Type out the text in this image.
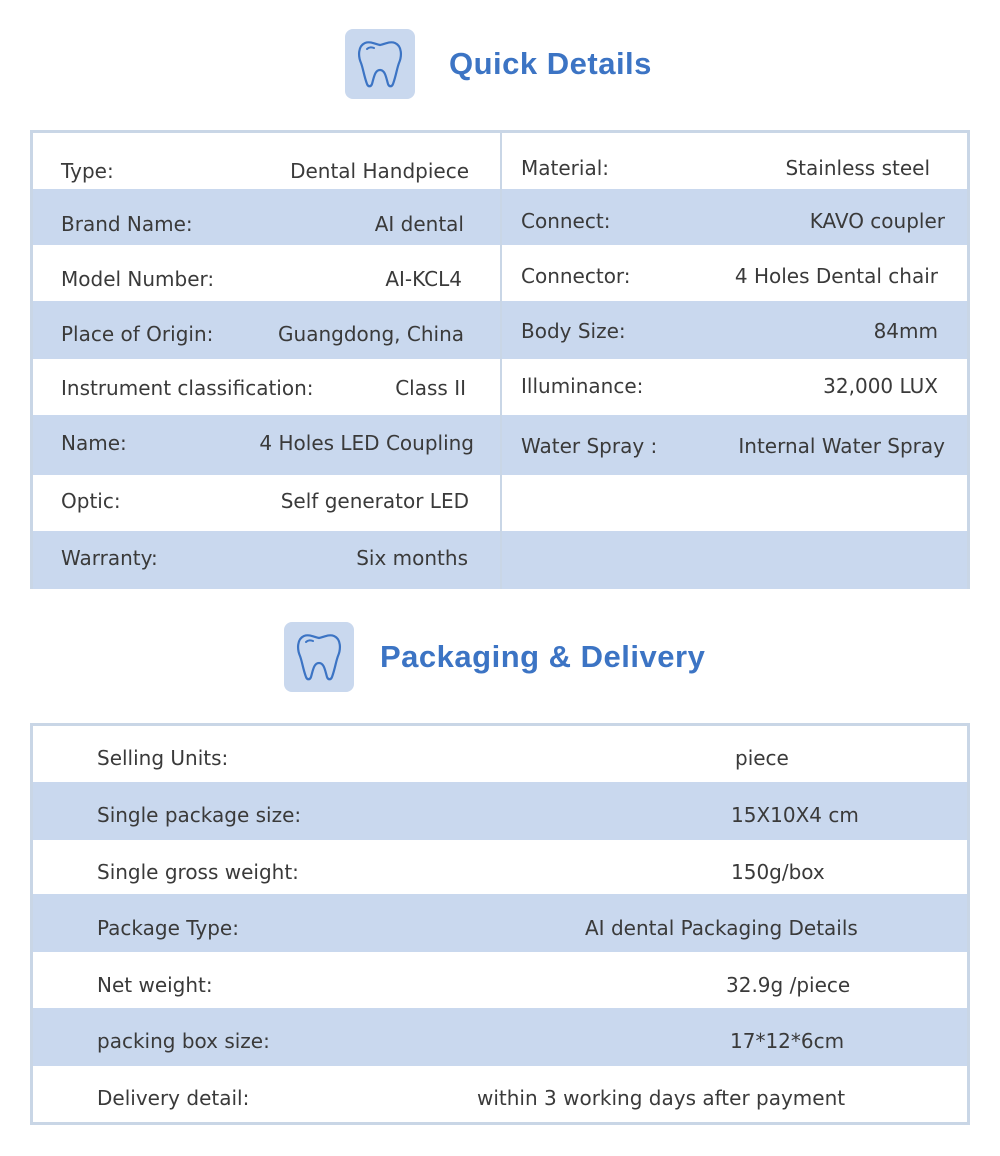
Quick Details
Type:	Dental Handpiece
Brand Name:	AI dental
Model Number:	AI-KCL4
Place of Origin:	Guangdong, China
Instrument classification:	Class II
Name:	4 Holes LED Coupling
Optic:	Self generator LED
Warranty:	Six months
Material:	Stainless steel
Connect:	KAVO coupler
Connector:	4 Holes Dental chair
Body Size:	84mm
Illuminance:	32,000 LUX
Water Spray :	Internal Water Spray
Packaging & Delivery
Selling Units:	piece
Single package size:	15X10X4 cm
Single gross weight:	150g/box
Package Type:	AI dental Packaging Details
Net weight:	32.9g /piece
packing box size:	17*12*6cm
Delivery detail:	within 3 working days after payment
